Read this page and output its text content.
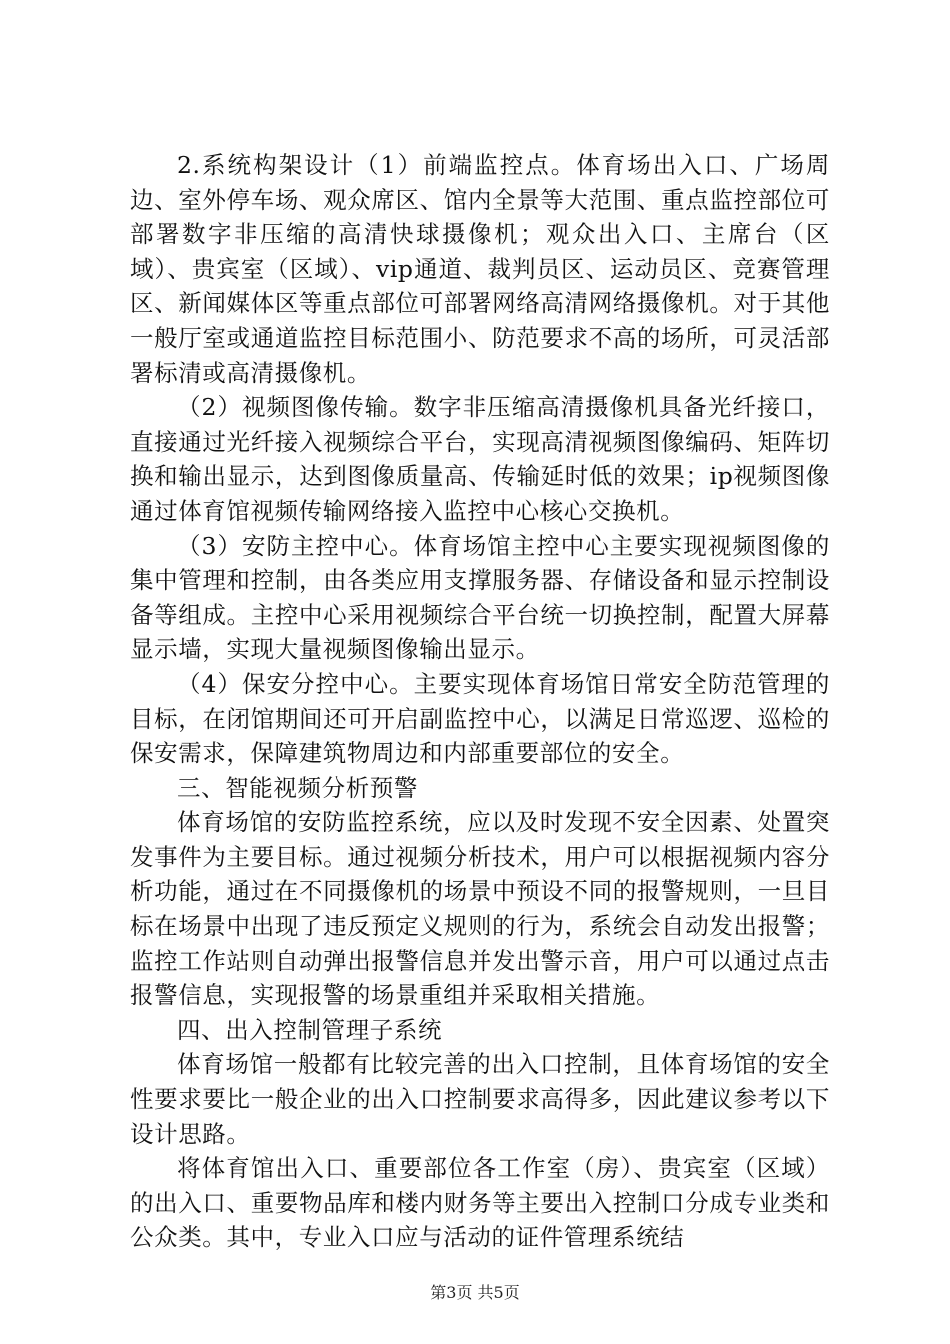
2.系统构架设计（1）前端监控点。体育场出入口、广场周边、室外停车场、观众席区、馆内全景等大范围、重点监控部位可部署数字非压缩的高清快球摄像机；观众出入口、主席台（区域）、贵宾室（区域）、vip通道、裁判员区、运动员区、竞赛管理区、新闻媒体区等重点部位可部署网络高清网络摄像机。对于其他一般厅室或通道监控目标范围小、防范要求不高的场所，可灵活部署标清或高清摄像机。

（2）视频图像传输。数字非压缩高清摄像机具备光纤接口，直接通过光纤接入视频综合平台，实现高清视频图像编码、矩阵切换和输出显示，达到图像质量高、传输延时低的效果；ip视频图像通过体育馆视频传输网络接入监控中心核心交换机。

（3）安防主控中心。体育场馆主控中心主要实现视频图像的集中管理和控制，由各类应用支撑服务器、存储设备和显示控制设备等组成。主控中心采用视频综合平台统一切换控制，配置大屏幕显示墙，实现大量视频图像输出显示。

（4）保安分控中心。主要实现体育场馆日常安全防范管理的目标，在闭馆期间还可开启副监控中心，以满足日常巡逻、巡检的保安需求，保障建筑物周边和内部重要部位的安全。

三、智能视频分析预警

体育场馆的安防监控系统，应以及时发现不安全因素、处置突发事件为主要目标。通过视频分析技术，用户可以根据视频内容分析功能，通过在不同摄像机的场景中预设不同的报警规则，一旦目标在场景中出现了违反预定义规则的行为，系统会自动发出报警；监控工作站则自动弹出报警信息并发出警示音，用户可以通过点击报警信息，实现报警的场景重组并采取相关措施。

四、出入控制管理子系统

体育场馆一般都有比较完善的出入口控制，且体育场馆的安全性要求要比一般企业的出入口控制要求高得多，因此建议参考以下设计思路。

将体育馆出入口、重要部位各工作室（房）、贵宾室（区域）的出入口、重要物品库和楼内财务等主要出入控制口分成专业类和公众类。其中，专业入口应与活动的证件管理系统结

第3页 共5页
